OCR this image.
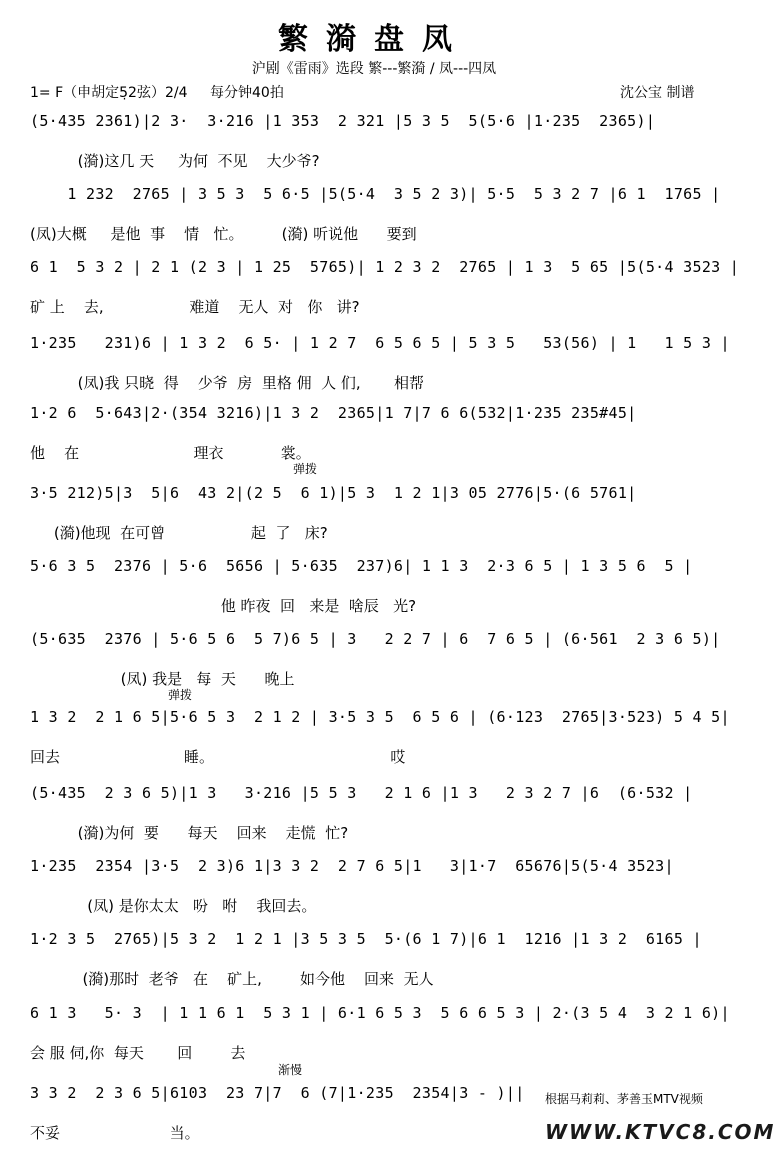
繁漪盘凤
沪剧《雷雨》选段 繁---繁漪 / 凤---四凤
1= F（申胡定5̣2弦）2/4 每分钟40拍	沈公宝 制谱
(5·435 2361)|2 3·  3·216 |1 353  2 321 |5 3 5  5(5·6 |1·235  2365)|
(漪)这几 天     为何  不见    大少爷?
1 232  2765 | 3 5 3  5 6·5 |5(5·4  3 5 2 3)| 5·5  5 3 2 7 |6 1  1765 |
(凤)大概     是他  事    情   忙。        (漪) 听说他      要到
6 1  5 3 2 | 2 1 (2 3 | 1 25  5765)| 1 2 3 2  2765 | 1 3  5 65 |5(5·4 3523 |
矿 上    去,                  难道    无人  对   你   讲?
1·235   231)6 | 1 3 2  6 5· | 1 2 7  6 5 6 5 | 5 3 5   53(56) | 1   1 5 3 |
(凤)我 只晓  得    少爷  房  里格 佣  人 们,       相帮
1·2 6  5·643|2·(354 3216)|1 3 2  2365|1 7|7 6 6(532|1·235 235#45|
他    在                        理衣            裳。
3·5 212)5|3  5|6  43 2|(2 5  6 1)|5 3  1 2 1|3 05 2776|5·(6 5761|
(漪)他现  在可曾                  起  了   床?
5·6 3 5  2376 | 5·6  5656 | 5·635  237)6| 1 1 3  2·3 6 5 | 1 3 5 6  5 |
他 昨夜  回   来是  啥辰   光?
(5·635  2376 | 5·6 5 6  5 7)6 5 | 3   2 2 7 | 6  7 6 5 | (6·561  2 3 6 5)|
(凤) 我是   每  天      晚上
1 3 2  2 1 6 5|5·6 5 3  2 1 2 | 3·5 3 5  6 5 6 | (6·123  2765|3·523) 5 4 5|
回去                          睡。                                     哎
(5·435  2 3 6 5)|1 3   3·216 |5 5 3   2 1 6 |1 3   2 3 2 7 |6  (6·532 |
(漪)为何  要      每天    回来    走慌  忙?
1·235  2354 |3·5  2 3)6 1|3 3 2  2 7 6 5|1   3|1·7  65676|5(5·4 3523|
(凤) 是你太太   吩   咐    我回去。
1·2 3 5  2765)|5 3 2  1 2 1 |3 5 3 5  5·(6 1 7)|6 1  1216 |1 3 2  6165 |
(漪)那时  老爷   在    矿上,        如今他    回来  无人
6 1 3   5· 3  | 1 1 6 1  5 3 1 | 6·1 6 5 3  5 6 6 5 3 | 2·(3 5 4  3 2 1 6)|
会 服 伺,你  每天       回        去
3 3 2  2 3 6 5|6103  23 7|7  6 (7|1·235  2354|3 - )||
不妥                       当。
弹拨
弹拨
渐慢
根据马莉莉、茅善玉MTV视频
WWW.KTVC8.COM
